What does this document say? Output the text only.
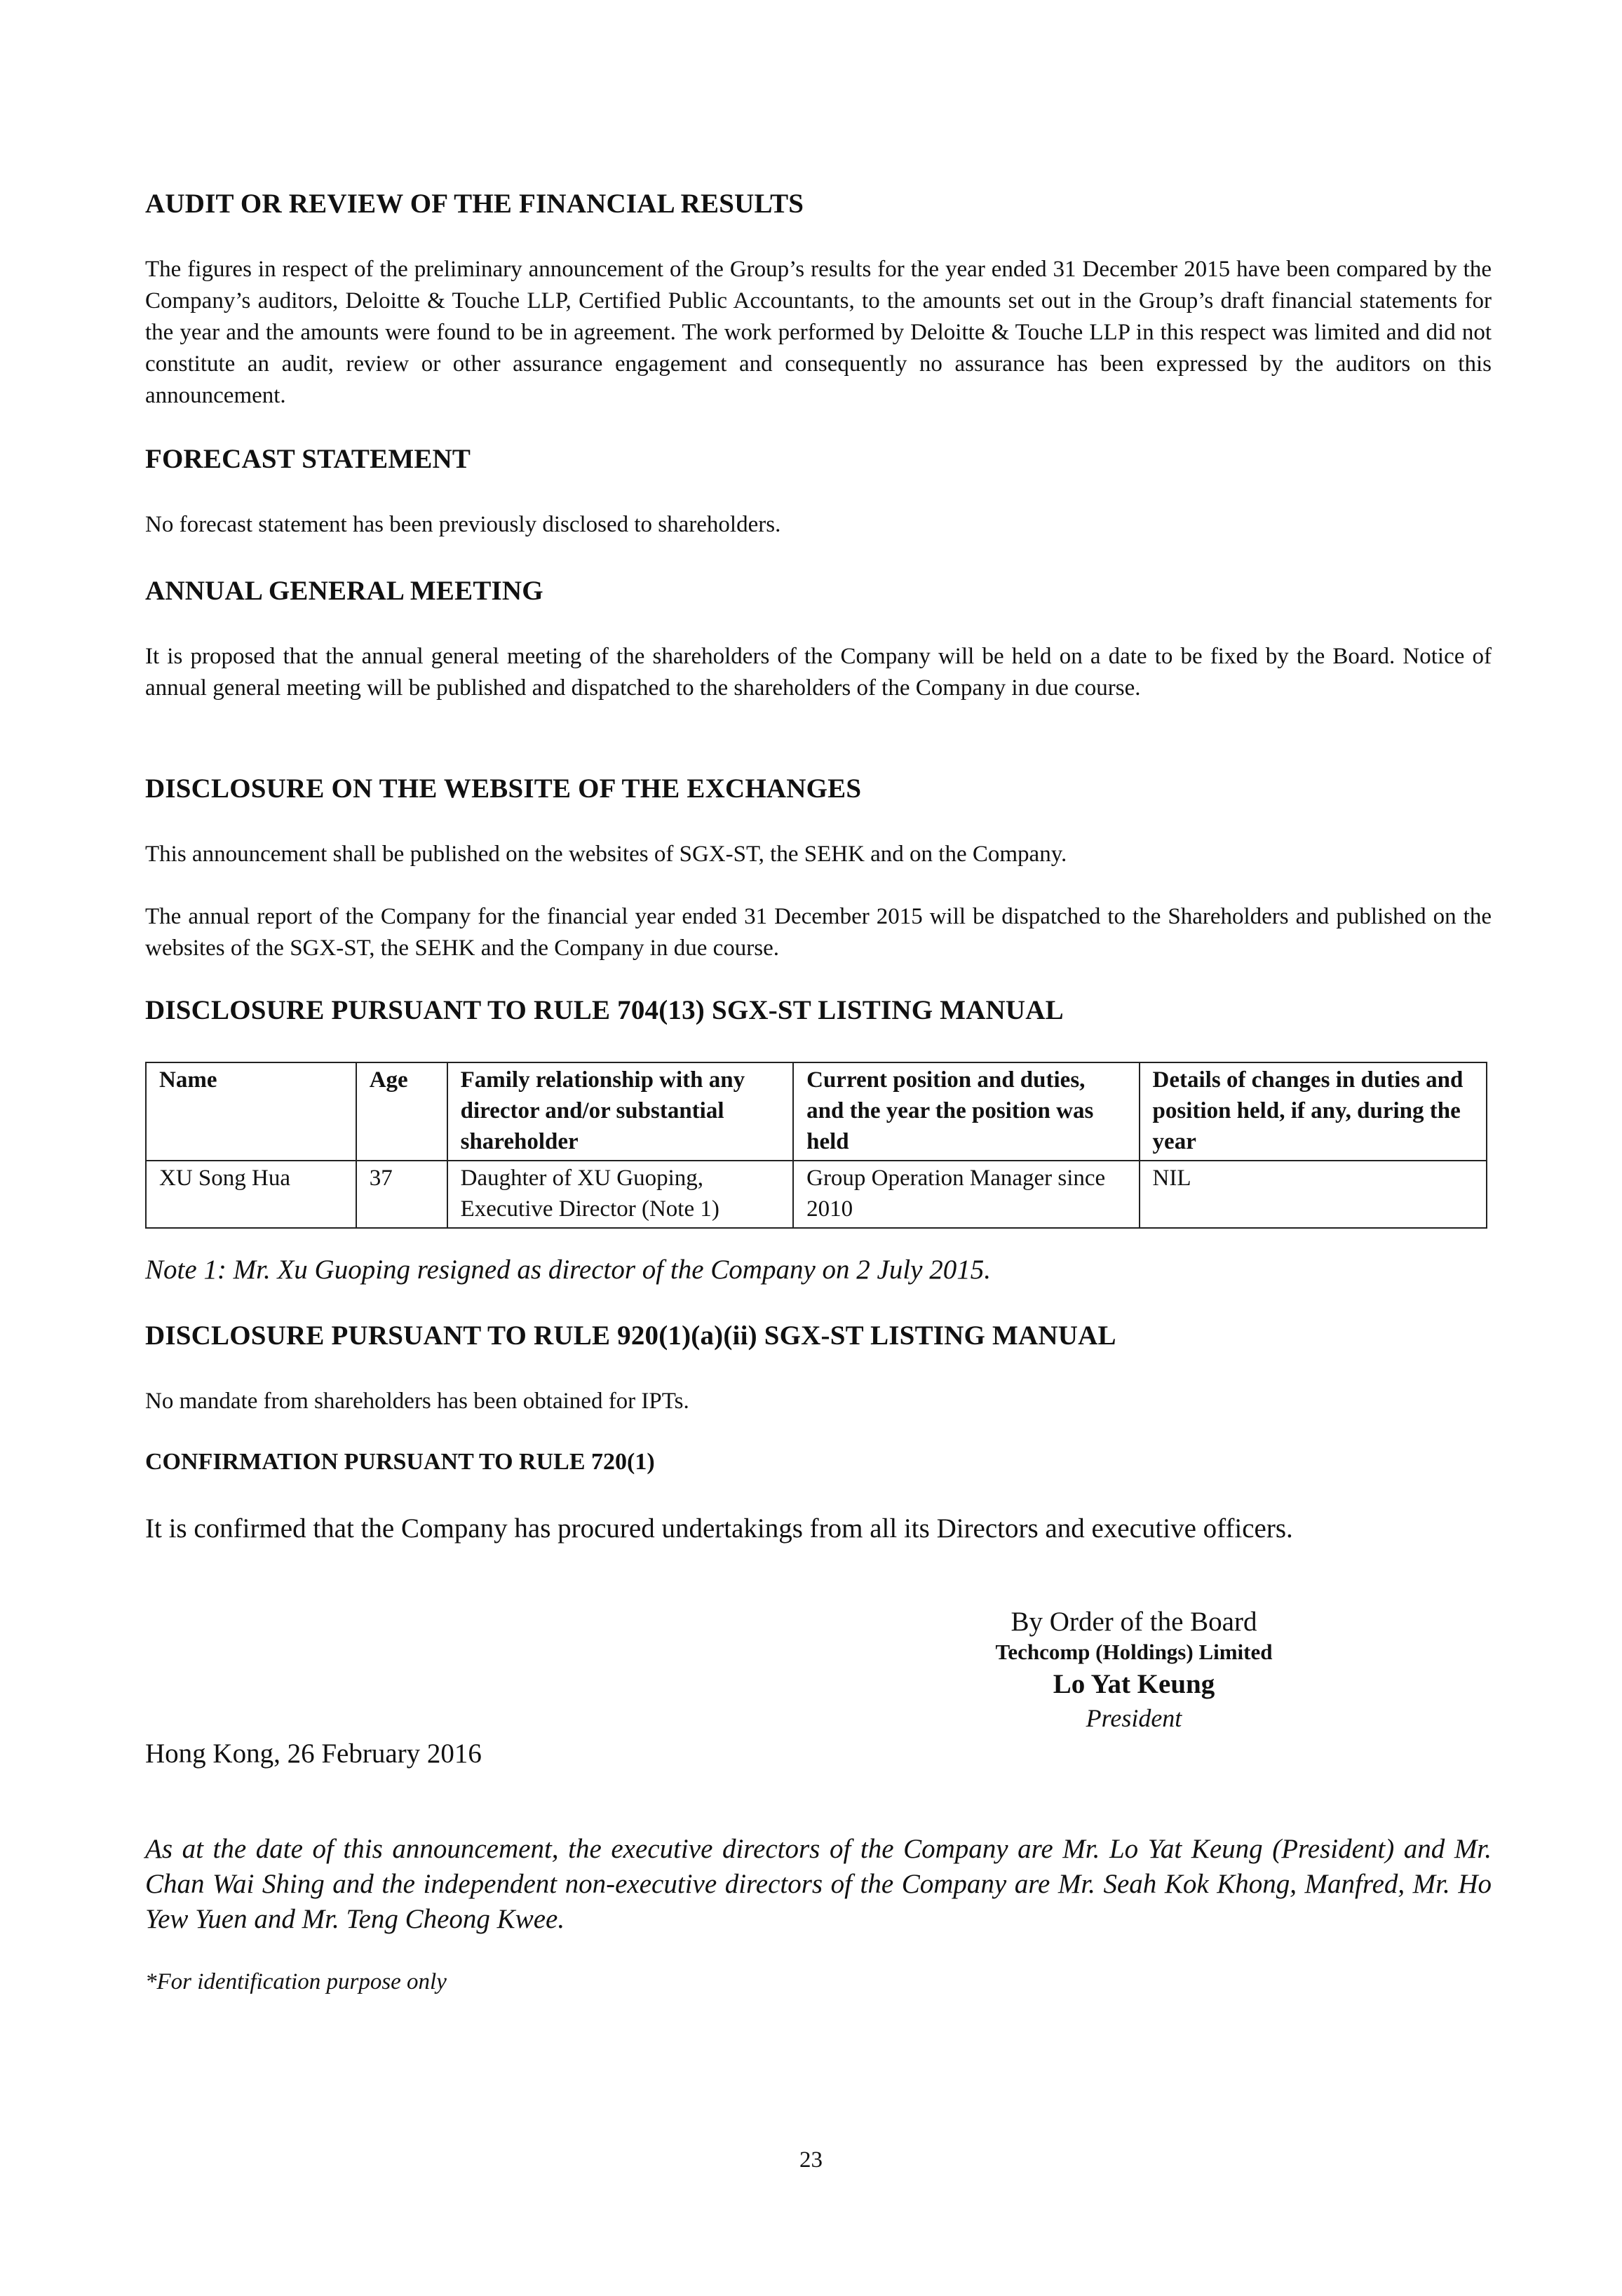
AUDIT OR REVIEW OF THE FINANCIAL RESULTS

The figures in respect of the preliminary announcement of the Group’s results for the year ended 31 December 2015 have been compared by the Company’s auditors, Deloitte & Touche LLP, Certified Public Accountants, to the amounts set out in the Group’s draft financial statements for the year and the amounts were found to be in agreement. The work performed by Deloitte & Touche LLP in this respect was limited and did not constitute an audit, review or other assurance engagement and consequently no assurance has been expressed by the auditors on this announcement.

FORECAST STATEMENT

No forecast statement has been previously disclosed to shareholders.

ANNUAL GENERAL MEETING

It is proposed that the annual general meeting of the shareholders of the Company will be held on a date to be fixed by the Board. Notice of annual general meeting will be published and dispatched to the shareholders of the Company in due course.

DISCLOSURE ON THE WEBSITE OF THE EXCHANGES

This announcement shall be published on the websites of SGX-ST, the SEHK and on the Company.

The annual report of the Company for the financial year ended 31 December 2015 will be dispatched to the Shareholders and published on the websites of the SGX-ST, the SEHK and the Company in due course.

DISCLOSURE PURSUANT TO RULE 704(13) SGX-ST LISTING MANUAL
Name	Age	Family relationship with any director and/or substantial shareholder	Current position and duties, and the year the position was held	Details of changes in duties and position held, if any, during the year
XU Song Hua	37	Daughter of XU Guoping, Executive Director (Note 1)	Group Operation Manager since 2010	NIL

Note 1: Mr. Xu Guoping resigned as director of the Company on 2 July 2015.

DISCLOSURE PURSUANT TO RULE 920(1)(a)(ii) SGX-ST LISTING MANUAL

No mandate from shareholders has been obtained for IPTs.

CONFIRMATION PURSUANT TO RULE 720(1)

It is confirmed that the Company has procured undertakings from all its Directors and executive officers.

By Order of the Board
Techcomp (Holdings) Limited
Lo Yat Keung
President

Hong Kong, 26 February 2016

As at the date of this announcement, the executive directors of the Company are Mr. Lo Yat Keung (President) and Mr. Chan Wai Shing and the independent non-executive directors of the Company are Mr. Seah Kok Khong, Manfred, Mr. Ho Yew Yuen and Mr. Teng Cheong Kwee.

*For identification purpose only

23
